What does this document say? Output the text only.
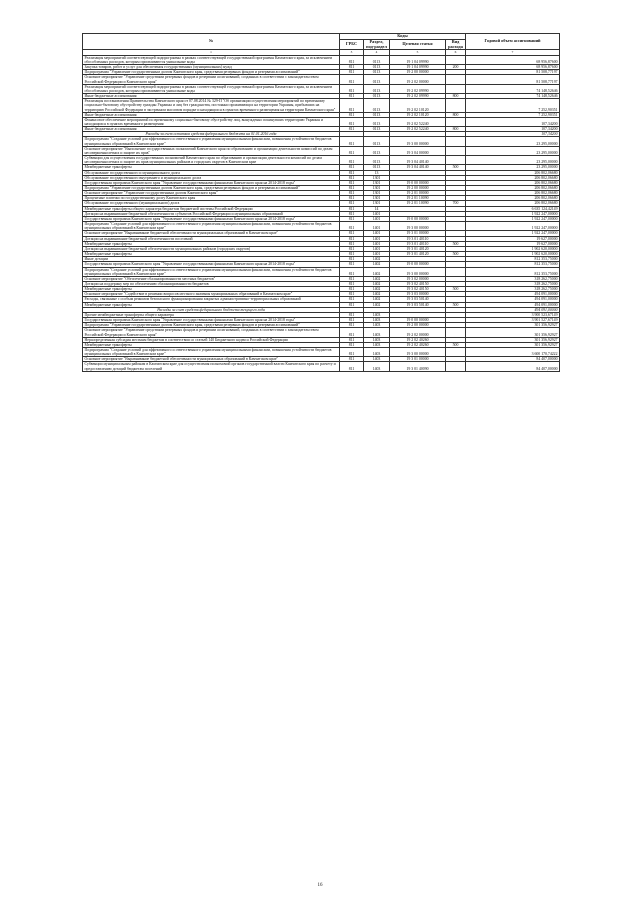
№	Коды				Годовой объем ассигнований
	ГРБС	Раздел, под-раздел	Целевая статья	Вид расхода	
1	3	4	5	6	7
Реализация мероприятий соответствующей подпрограммы в рамках соответствующей государственной программы Камчатского края, за исключением обособленных расходов, которым присваиваются уникальные коды	811	0113	19 1 04 09990		68 956,87600
Закупка товаров, работ и услуг для обеспечения государственных (муниципальных) нужд	811	0113	19 1 04 09990	200	68 956,87600
Подпрограмма "Управление государственным долгом Камчатского края, средствами резервных фондов и резервами ассигнований"	811	0113	19 2 00 00000		81 508,77197
Основное мероприятие "Управление средствами резервных фондов и резервами ассигнований, созданных в соответствии с законодательством Российской Федерации и Камчатского края"	811	0113	19 2 02 00000		81 508,77197
Реализация мероприятий соответствующей подпрограммы в рамках соответствующей государственной программы Камчатского края, за исключением обособленных расходов, которым присваиваются уникальные коды	811	0113	19 2 02 09990		74 148,52646
Иные бюджетные ассигнования	811	0113	19 2 02 09990	800	74 148,52646
Реализация постановления Правительства Камчатского края от 07.08.2014 № 329-П "Об организации осуществления мероприятий по временному социально-бытовому обустройству граждан Украины и лиц без гражданства, постоянно проживающих на территории Украины, прибывших на территорию Российской Федерации в экстренном массовом порядке и находящихся в пунктах временного размещения на территории Камчатского края"	811	0113	19 2 02 10120		7 252,90351
Иные бюджетные ассигнования	811	0113	19 2 02 10120	800	7 252,90351
Финансовое обеспечение мероприятий по временному социально-бытовому обустройству лиц, вынужденно покинувших территорию Украины и находящихся в пунктах временного размещения	811	0113	19 2 02 52240		107,34200
Иные бюджетные ассигнования	811	0113	19 2 02 52240	800	107,34200
Расходы за счет остатков средств федерального бюджета на 01.01.2016 года					107,34200
Подпрограмма "Создание условий для эффективного и ответственного управления муниципальными финансами, повышения устойчивости бюджетов муниципальных образований в Камчатском крае"	811	0113	19 3 00 00000		23 295,00000
Основное мероприятие "Выполнение государственных полномочий Камчатского края по образованию и организации деятельности комиссий по делам несовершеннолетних и защите их прав"	811	0113	19 3 04 00000		23 295,00000
Субвенции для осуществления государственных полномочий Камчатского края по образованию и организации деятельности комиссий по делам несовершеннолетних и защите их прав муниципальных районов и городских округов в Камчатском крае	811	0113	19 3 04 40140		23 295,00000
Межбюджетные трансферты	811	0113	19 3 04 40140	500	23 295,00000
Обслуживание государственного и муниципального долга	811	13			206 802,06680
Обслуживание государственного внутреннего и муниципального долга	811	1301			206 802,06680
Государственная программа Камчатского края "Управление государственными финансами Камчатского края на 2014-2018 годы"	811	1301	19 0 00 00000		206 802,06680
Подпрограмма "Управление государственным долгом Камчатского края, средствами резервных фондов и резервами ассигнований"	811	1301	19 2 00 00000		206 802,06680
Основное мероприятие "Управление государственным долгом Камчатского края"	811	1301	19 2 01 00000		206 802,06680
Процентные платежи по государственному долгу Камчатского края	811	1301	19 2 01 10090		206 802,06680
Обслуживание государственного (муниципального) долга	811	1301	19 2 01 10090	700	206 802,06680
Межбюджетные трансферты общего характера бюджетам бюджетной системы Российской Федерации	811	14			6 635 124,42149
Дотации на выравнивание бюджетной обеспеченности субъектов Российской Федерации и муниципальных образований	811	1401			1 922 247,00000
Государственная программа Камчатского края "Управление государственными финансами Камчатского края на 2014-2018 годы"	811	1401	19 0 00 00000		1 922 247,00000
Подпрограмма "Создание условий для эффективного и ответственного управления муниципальными финансами, повышения устойчивости бюджетов муниципальных образований в Камчатском крае"	811	1401	19 3 00 00000		1 922 247,00000
Основное мероприятие "Выравнивание бюджетной обеспеченности муниципальных образований в Камчатском крае"	811	1401	19 3 01 00000		1 922 247,00000
Дотации на выравнивание бюджетной обеспеченности поселений	811	1401	19 3 01 40110		19 627,00000
Межбюджетные трансферты	811	1401	19 3 01 40110	500	19 627,00000
Дотации на выравнивание бюджетной обеспеченности муниципальных районов (городских округов)	811	1401	19 3 01 40120		1 902 620,00000
Межбюджетные трансферты	811	1401	19 3 01 40120	500	1 902 620,00000
Иные дотации	811	1402			812 353,75000
Государственная программа Камчатского края "Управление государственными финансами Камчатского края на 2014-2018 годы"	811	1402	19 0 00 00000		812 353,75000
Подпрограмма "Создание условий для эффективного и ответственного управления муниципальными финансами, повышения устойчивости бюджетов муниципальных образований в Камчатском крае"	811	1402	19 3 00 00000		812 353,75000
Основное мероприятие "Обеспечение сбалансированности местных бюджетов"	811	1402	19 3 02 00000		318 262,75000
Дотации на поддержку мер по обеспечению сбалансированности бюджетов	811	1402	19 3 02 40150		318 262,75000
Межбюджетные трансферты	811	1402	19 3 02 40150	500	318 262,75000
Основное мероприятие "Содействие в решении вопросов местного значения муниципальных образований в Камчатском крае"	811	1402	19 3 03 00000		494 091,00000
Расходы, связанные с особым режимом безопасного функционирования закрытых административно-территориальных образований	811	1402	19 3 03 50140		494 091,00000
Межбюджетные трансферты	811	1402	19 3 03 50140	500	494 091,00000
Расходы за счет средств федерального бюджета текущего года					494 091,00000
Прочие межбюджетные трансферты общего характера	811	1403			3 900 523,67149
Государственная программа Камчатского края "Управление государственными финансами Камчатского края на 2014-2018 годы"	811	1403	19 0 00 00000		3 901 527,67149
Подпрограмма "Управление государственным долгом Камчатского края, средствами резервных фондов и резервами ассигнований"	811	1403	19 2 00 00000		301 356,92927
Основное мероприятие "Управление средствами резервных фондов и резервами ассигнований, созданных в соответствии с законодательством Российской Федерации и Камчатского края"	811	1403	19 2 02 00000		301 356,92927
Нераспределенная субсидия местным бюджетам в соответствии со статьей 140 Бюджетного кодекса Российской Федерации	811	1403	19 2 02 40260		301 356,92927
Межбюджетные трансферты	811	1403	19 2 02 40260	500	301 356,92927
Подпрограмма "Создание условий для эффективного и ответственного управления муниципальными финансами, повышения устойчивости бюджетов муниципальных образований в Камчатском крае"	811	1403	19 3 00 00000		3 600 170,74222
Основное мероприятие "Выравнивание бюджетной обеспеченности муниципальных образований в Камчатском крае"	811	1403	19 3 01 00000		84 407,00000
Субвенции муниципальным районам в Камчатском крае для осуществления полномочий органов государственной власти Камчатского края по расчету и предоставлению дотаций бюджетам поселений	811	1403	19 3 01 40090		84 407,00000
16
